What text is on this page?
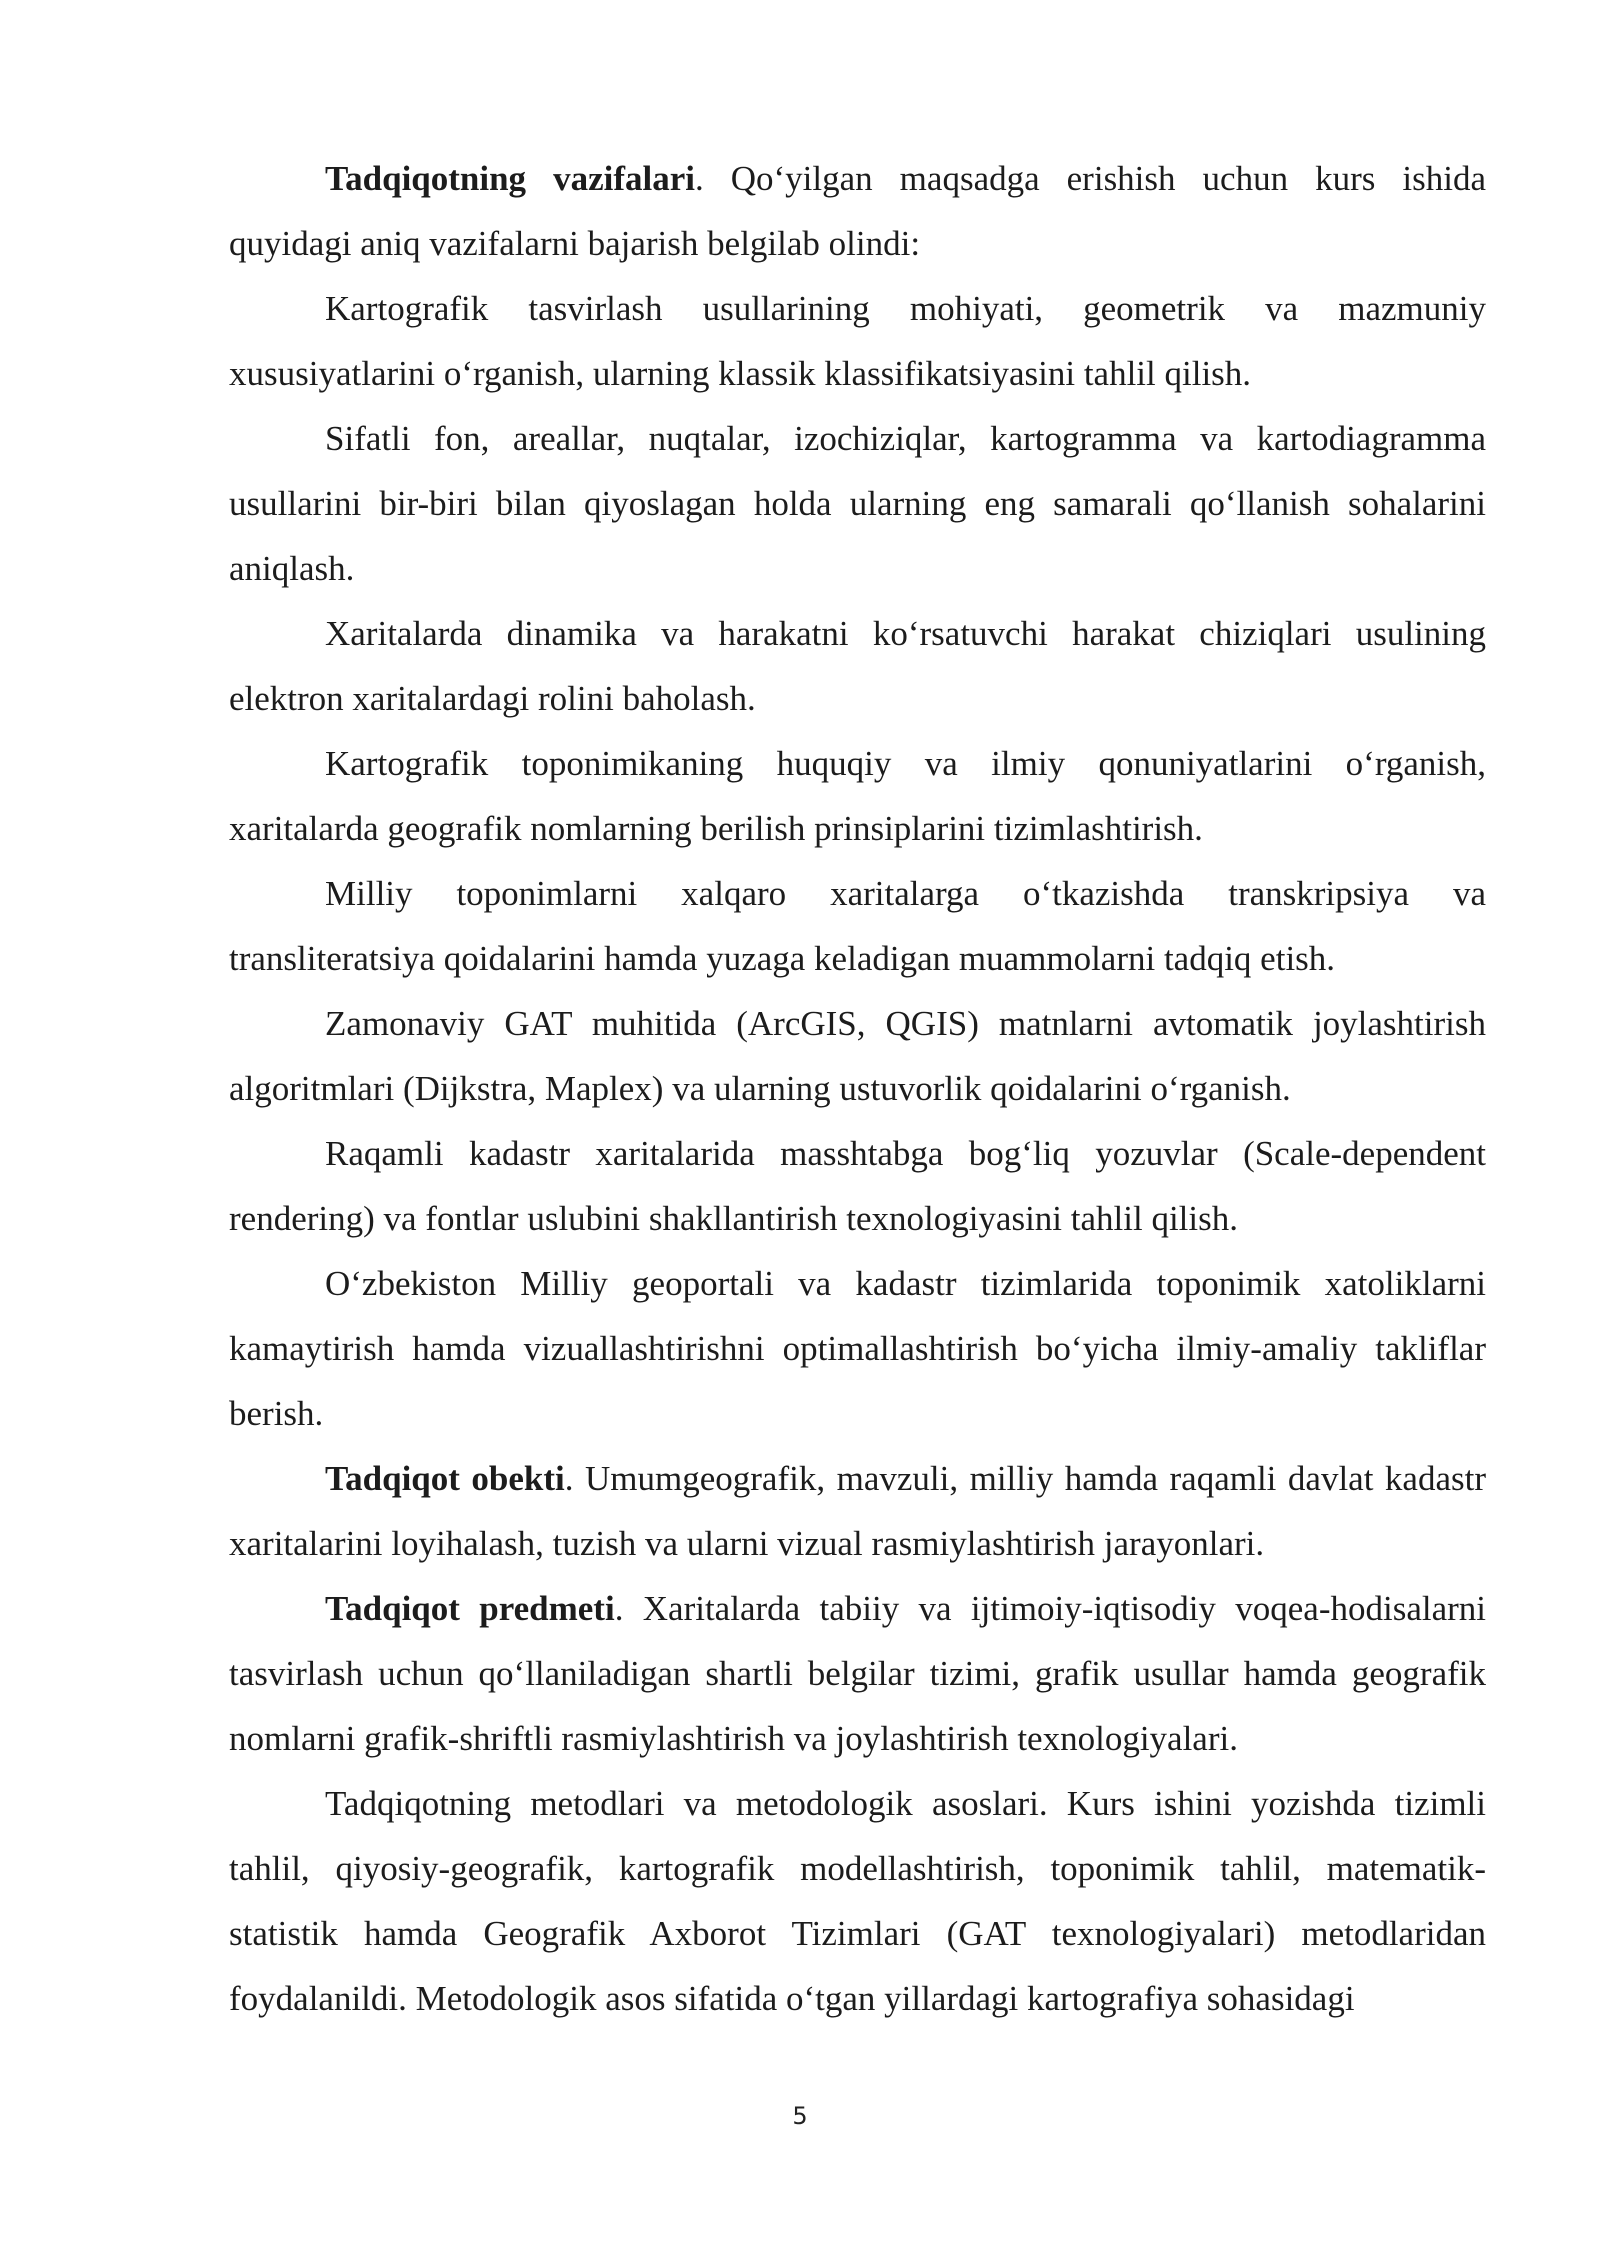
Tadqiqotning vazifalari. Qo‘yilgan maqsadga erishish uchun kurs ishida quyidagi aniq vazifalarni bajarish belgilab olindi:

Kartografik tasvirlash usullarining mohiyati, geometrik va mazmuniy xususiyatlarini o‘rganish, ularning klassik klassifikatsiyasini tahlil qilish.

Sifatli fon, areallar, nuqtalar, izochiziqlar, kartogramma va kartodiagramma usullarini bir-biri bilan qiyoslagan holda ularning eng samarali qo‘llanish sohalarini aniqlash.

Xaritalarda dinamika va harakatni ko‘rsatuvchi harakat chiziqlari usulining elektron xaritalardagi rolini baholash.

Kartografik toponimikaning huquqiy va ilmiy qonuniyatlarini o‘rganish, xaritalarda geografik nomlarning berilish prinsiplarini tizimlashtirish.

Milliy toponimlarni xalqaro xaritalarga o‘tkazishda transkripsiya va transliteratsiya qoidalarini hamda yuzaga keladigan muammolarni tadqiq etish.

Zamonaviy GAT muhitida (ArcGIS, QGIS) matnlarni avtomatik joylashtirish algoritmlari (Dijkstra, Maplex) va ularning ustuvorlik qoidalarini o‘rganish.

Raqamli kadastr xaritalarida masshtabga bog‘liq yozuvlar (Scale-dependent rendering) va fontlar uslubini shakllantirish texnologiyasini tahlil qilish.

O‘zbekiston Milliy geoportali va kadastr tizimlarida toponimik xatoliklarni kamaytirish hamda vizuallashtirishni optimallashtirish bo‘yicha ilmiy-amaliy takliflar berish.

Tadqiqot obekti. Umumgeografik, mavzuli, milliy hamda raqamli davlat kadastr xaritalarini loyihalash, tuzish va ularni vizual rasmiylashtirish jarayonlari.

Tadqiqot predmeti. Xaritalarda tabiiy va ijtimoiy-iqtisodiy voqea-hodisalarni tasvirlash uchun qo‘llaniladigan shartli belgilar tizimi, grafik usullar hamda geografik nomlarni grafik-shriftli rasmiylashtirish va joylashtirish texnologiyalari.

Tadqiqotning metodlari va metodologik asoslari. Kurs ishini yozishda tizimli tahlil, qiyosiy-geografik, kartografik modellashtirish, toponimik tahlil, matematik-statistik hamda Geografik Axborot Tizimlari (GAT texnologiyalari) metodlaridan foydalanildi. Metodologik asos sifatida o‘tgan yillardagi kartografiya sohasidagi

5
